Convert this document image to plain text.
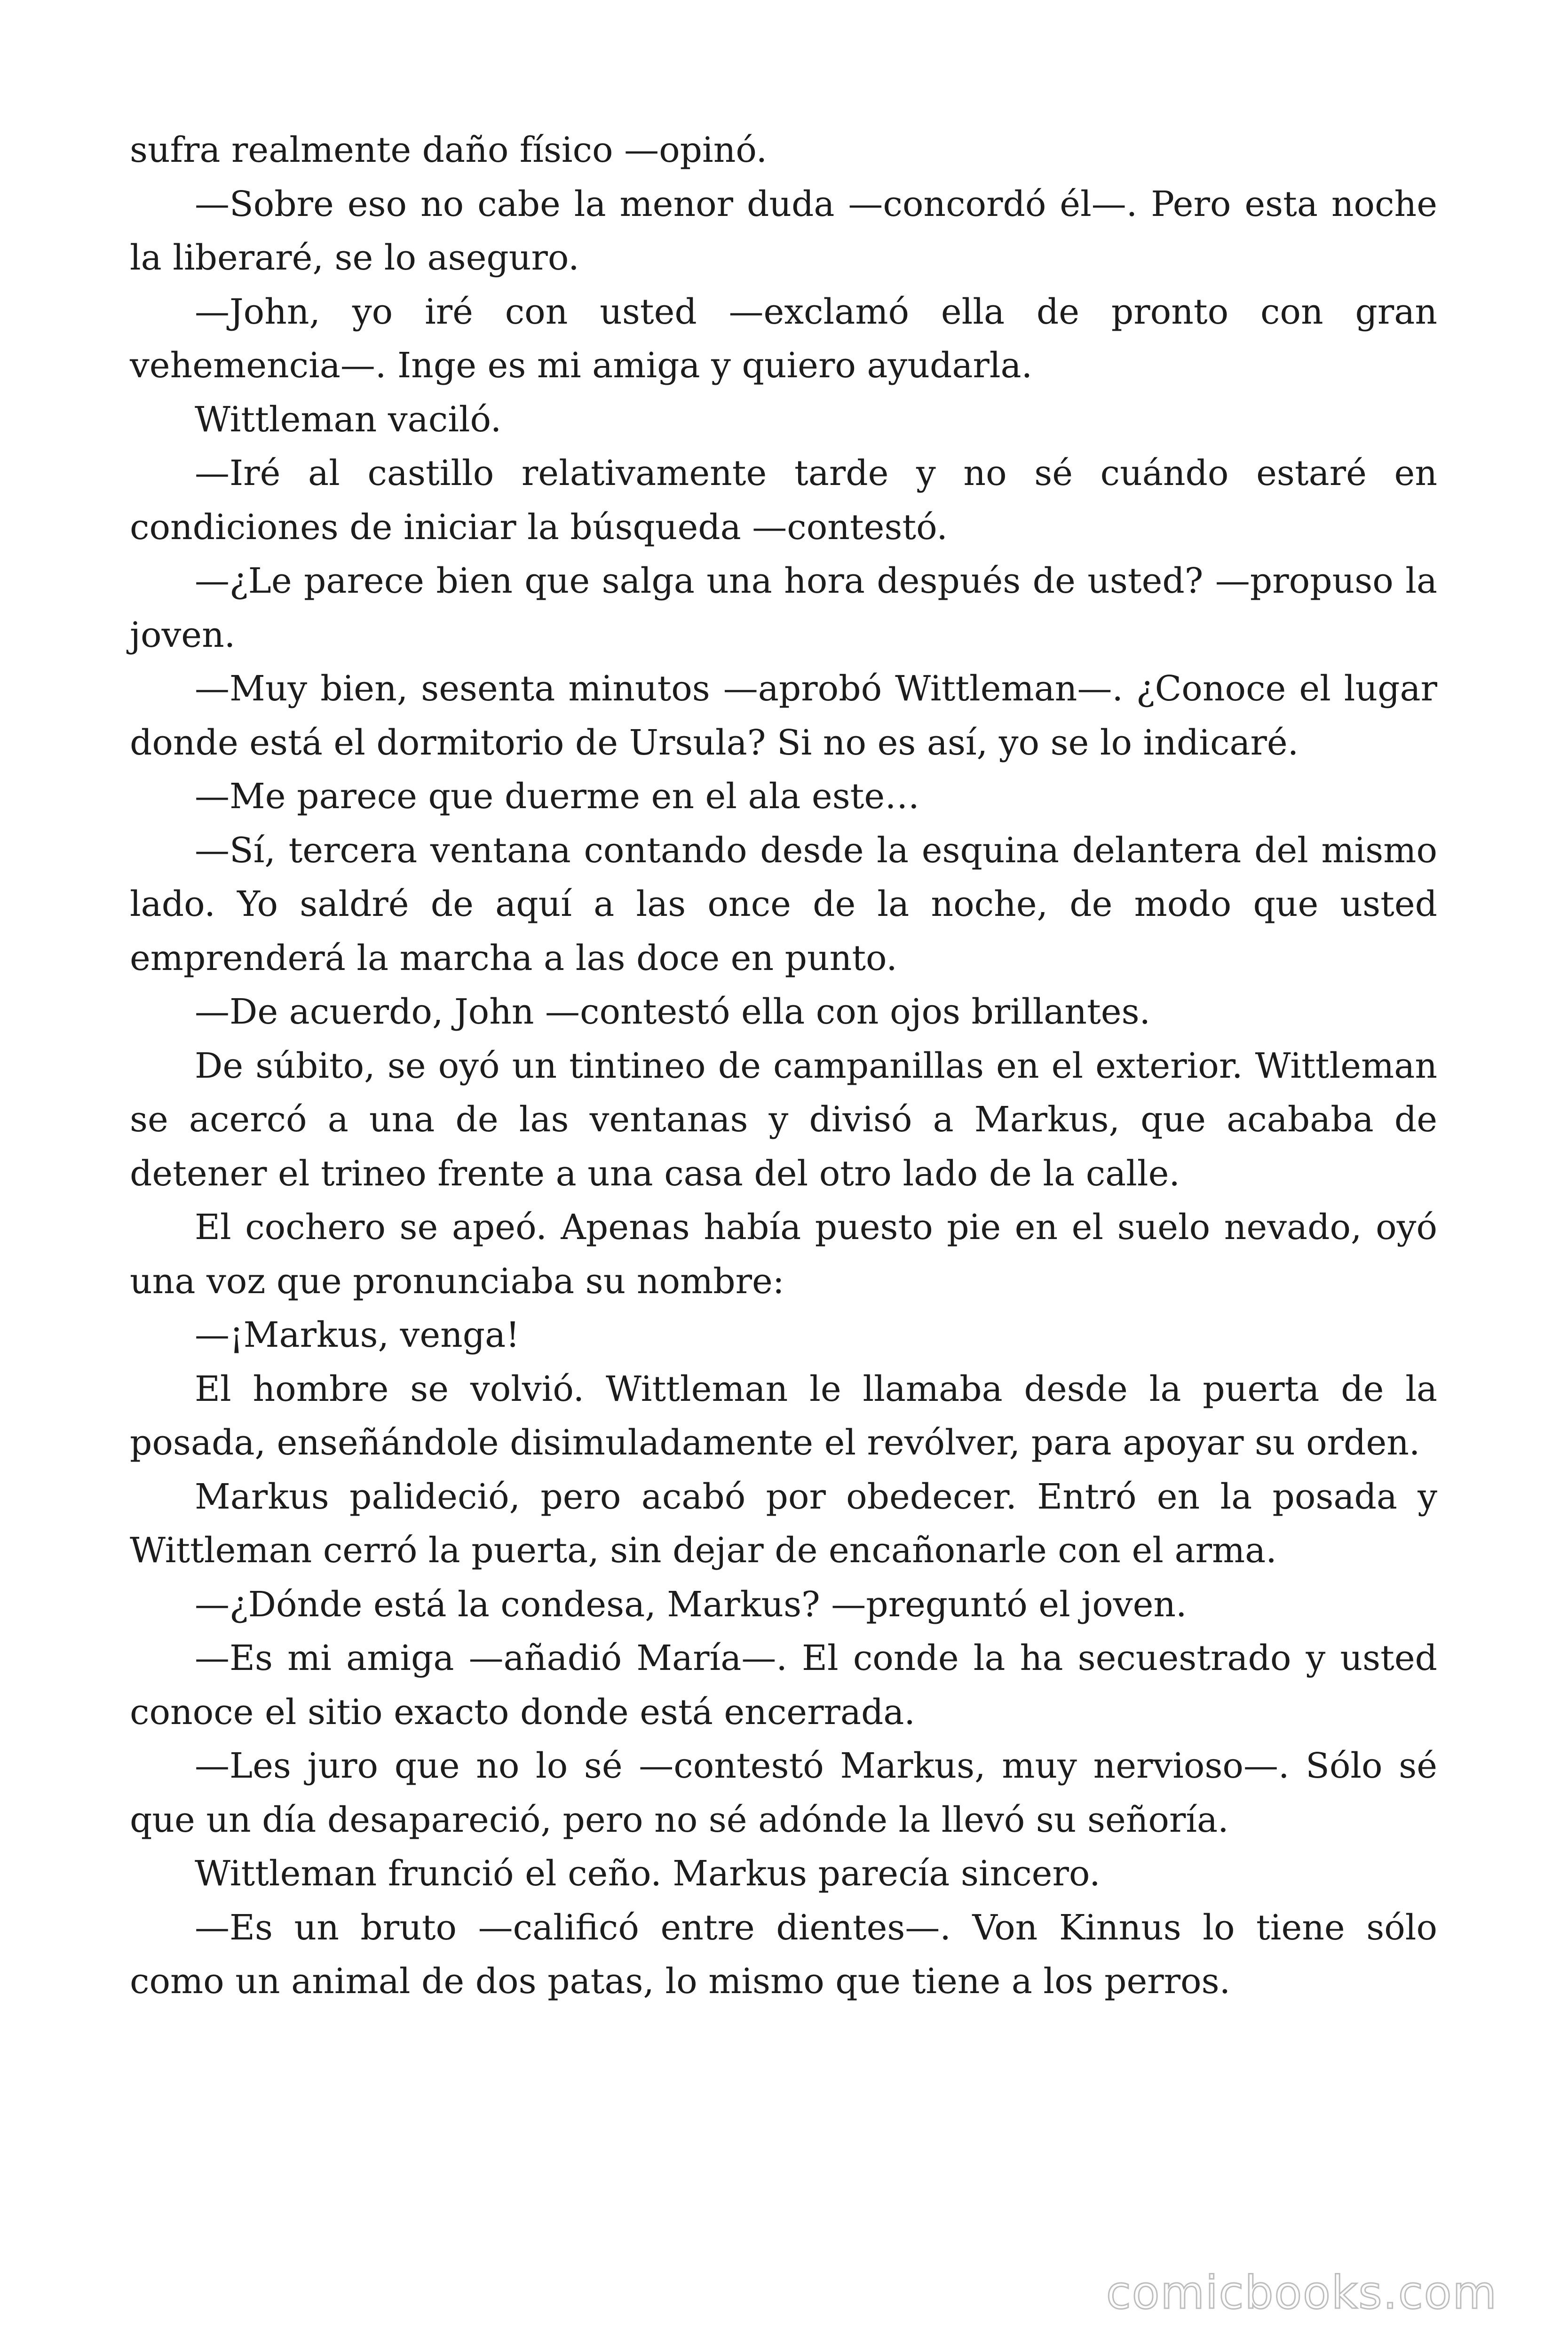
sufra realmente daño físico —opinó.

—Sobre eso no cabe la menor duda —concordó él—. Pero esta noche la liberaré, se lo aseguro.

—John, yo iré con usted —exclamó ella de pronto con gran vehemencia—. Inge es mi amiga y quiero ayudarla.

Wittleman vaciló.

—Iré al castillo relativamente tarde y no sé cuándo estaré en condiciones de iniciar la búsqueda —contestó.

—¿Le parece bien que salga una hora después de usted? —propuso la joven.

—Muy bien, sesenta minutos —aprobó Wittleman—. ¿Conoce el lugar donde está el dormitorio de Ursula? Si no es así, yo se lo indicaré.

—Me parece que duerme en el ala este…

—Sí, tercera ventana contando desde la esquina delantera del mismo lado. Yo saldré de aquí a las once de la noche, de modo que usted emprenderá la marcha a las doce en punto.

—De acuerdo, John —contestó ella con ojos brillantes.

De súbito, se oyó un tintineo de campanillas en el exterior. Wittleman se acercó a una de las ventanas y divisó a Markus, que acababa de detener el trineo frente a una casa del otro lado de la calle.

El cochero se apeó. Apenas había puesto pie en el suelo nevado, oyó una voz que pronunciaba su nombre:

—¡Markus, venga!

El hombre se volvió. Wittleman le llamaba desde la puerta de la posada, enseñándole disimuladamente el revólver, para apoyar su orden.

Markus palideció, pero acabó por obedecer. Entró en la posada y Wittleman cerró la puerta, sin dejar de encañonarle con el arma.

—¿Dónde está la condesa, Markus? —preguntó el joven.

—Es mi amiga —añadió María—. El conde la ha secuestrado y usted conoce el sitio exacto donde está encerrada.

—Les juro que no lo sé —contestó Markus, muy nervioso—. Sólo sé que un día desapareció, pero no sé adónde la llevó su señoría.

Wittleman frunció el ceño. Markus parecía sincero.

—Es un bruto —calificó entre dientes—. Von Kinnus lo tiene sólo como un animal de dos patas, lo mismo que tiene a los perros.

comicbooks.com
